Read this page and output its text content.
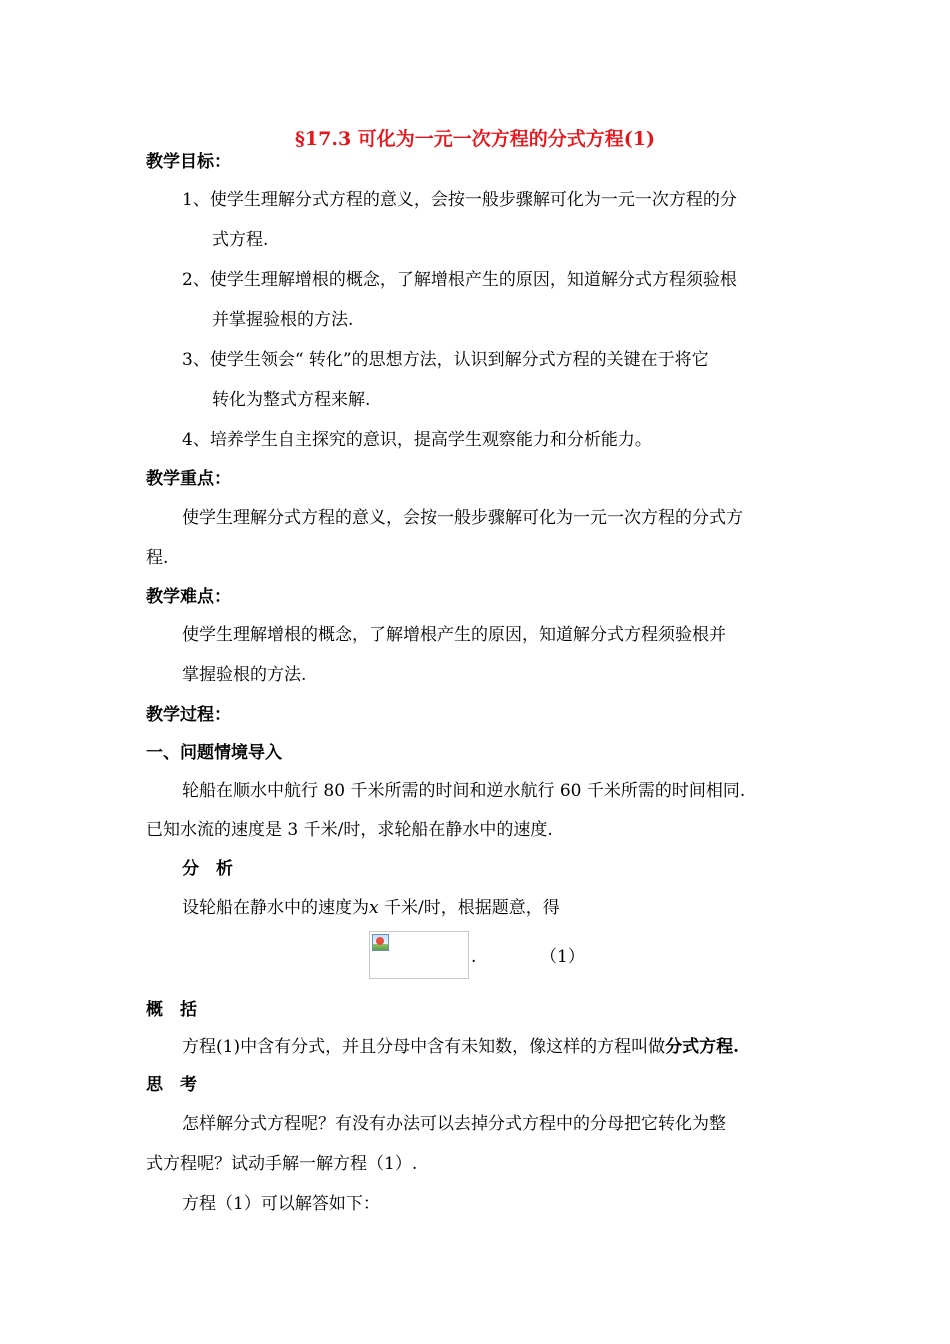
§17.3 可化为一元一次方程的分式方程(1)
教学目标：
1、使学生理解分式方程的意义，会按一般步骤解可化为一元一次方程的分
式方程.
2、使学生理解增根的概念，了解增根产生的原因，知道解分式方程须验根
并掌握验根的方法.
3、使学生领会“ 转化”的思想方法，认识到解分式方程的关键在于将它
转化为整式方程来解.
4、培养学生自主探究的意识，提高学生观察能力和分析能力。
教学重点：
使学生理解分式方程的意义，会按一般步骤解可化为一元一次方程的分式方
程.
教学难点：
使学生理解增根的概念，了解增根产生的原因，知道解分式方程须验根并
掌握验根的方法.
教学过程：
一、问题情境导入
轮船在顺水中航行 80 千米所需的时间和逆水航行 60 千米所需的时间相同.
已知水流的速度是 3 千米/时，求轮船在静水中的速度.
分　析
设轮船在静水中的速度为x 千米/时，根据题意，得
.	（1）
概　括
方程(1)中含有分式，并且分母中含有未知数，像这样的方程叫做分式方程.
思　考
怎样解分式方程呢？有没有办法可以去掉分式方程中的分母把它转化为整
式方程呢？试动手解一解方程（1）.
方程（1）可以解答如下：
